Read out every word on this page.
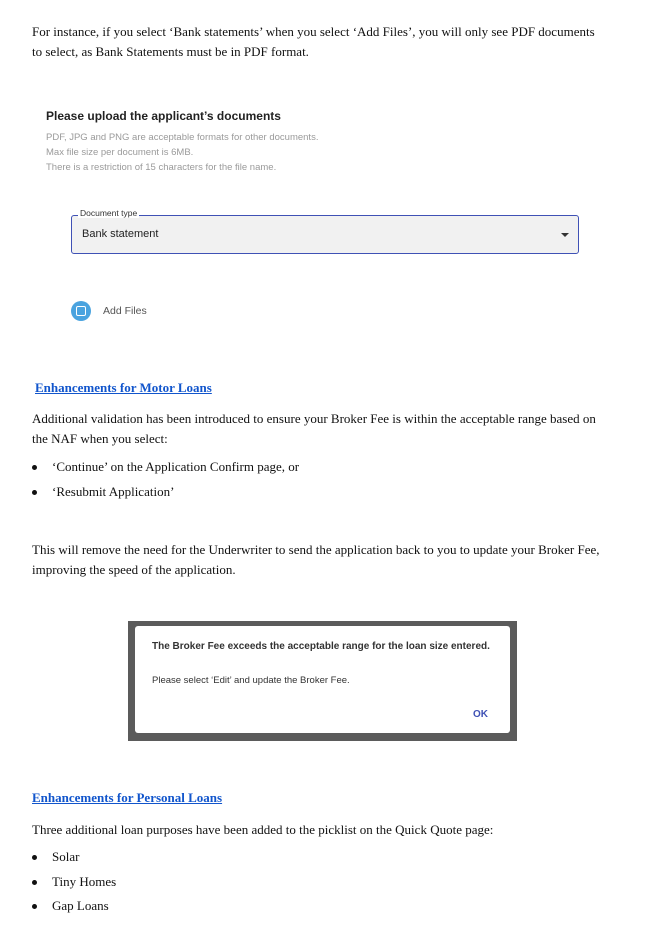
For instance, if you select ‘Bank statements’ when you select ‘Add Files’, you will only see PDF documents
to select, as Bank Statements must be in PDF format.
Please upload the applicant’s documents
PDF, JPG and PNG are acceptable formats for other documents.
Max file size per document is 6MB.
There is a restriction of 15 characters for the file name.
Bank statement
Document type
Add Files
Enhancements for Motor Loans
Additional validation has been introduced to ensure your Broker Fee is within the acceptable range based on
the NAF when you select:
‘Continue’ on the Application Confirm page, or
‘Resubmit Application’
This will remove the need for the Underwriter to send the application back to you to update your Broker Fee,
improving the speed of the application.
The Broker Fee exceeds the acceptable range for the loan size entered.
Please select ‘Edit’ and update the Broker Fee.
OK
Enhancements for Personal Loans
Three additional loan purposes have been added to the picklist on the Quick Quote page:
Solar
Tiny Homes
Gap Loans
